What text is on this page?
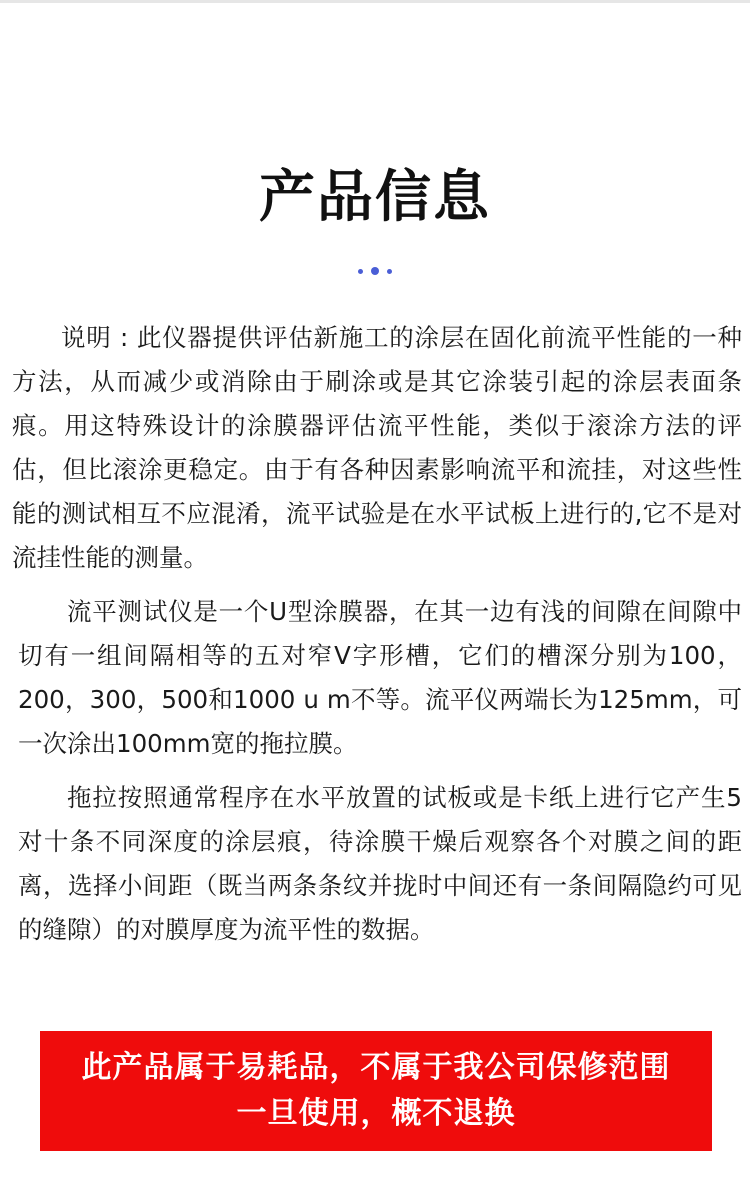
产品信息

说明 : 此仪器提供评估新施工的涂层在固化前流平性能的一种方法，从而减少或消除由于刷涂或是其它涂装引起的涂层表面条痕。用这特殊设计的涂膜器评估流平性能，类似于滚涂方法的评估，但比滚涂更稳定。由于有各种因素影响流平和流挂，对这些性能的测试相互不应混淆，流平试验是在水平试板上进行的,它不是对流挂性能的测量。

流平测试仪是一个U型涂膜器，在其一边有浅的间隙在间隙中切有一组间隔相等的五对窄V字形槽，它们的槽深分别为100，200，300，500和1000 u m不等。流平仪两端长为125mm，可一次涂出100mm宽的拖拉膜。

拖拉按照通常程序在水平放置的试板或是卡纸上进行它产生5对十条不同深度的涂层痕，待涂膜干燥后观察各个对膜之间的距离，选择小间距（既当两条条纹并拢时中间还有一条间隔隐约可见的缝隙）的对膜厚度为流平性的数据。

此产品属于易耗品，不属于我公司保修范围
一旦使用，概不退换
